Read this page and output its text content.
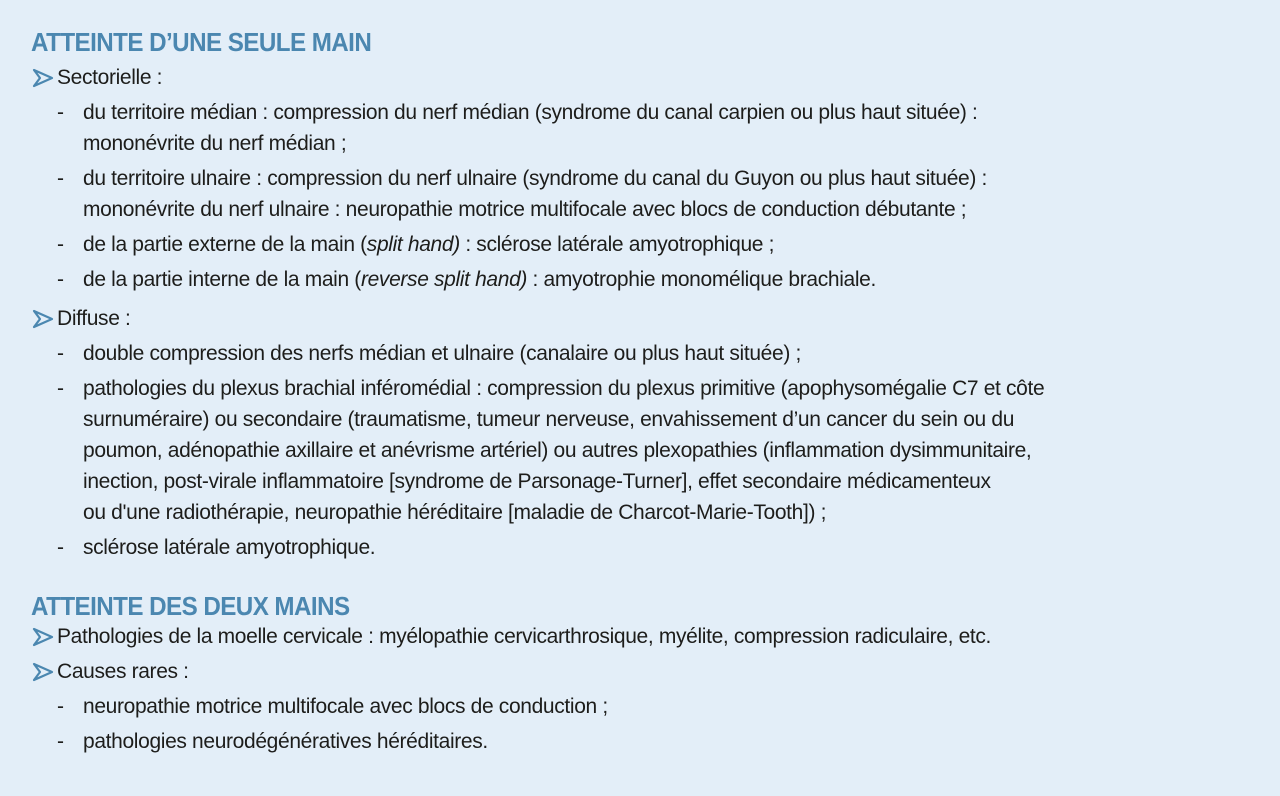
ATTEINTE D’UNE SEULE MAIN
Sectorielle :
- du territoire médian : compression du nerf médian (syndrome du canal carpien ou plus haut située) :
mononévrite du nerf médian ;
- du territoire ulnaire : compression du nerf ulnaire (syndrome du canal du Guyon ou plus haut située) :
mononévrite du nerf ulnaire : neuropathie motrice multifocale avec blocs de conduction débutante ;
- de la partie externe de la main (split hand) : sclérose latérale amyotrophique ;
- de la partie interne de la main (reverse split hand) : amyotrophie monomélique brachiale.
Diffuse :
- double compression des nerfs médian et ulnaire (canalaire ou plus haut située) ;
- pathologies du plexus brachial inféromédial : compression du plexus primitive (apophysomégalie C7 et côte
surnuméraire) ou secondaire (traumatisme, tumeur nerveuse, envahissement d’un cancer du sein ou du
poumon, adénopathie axillaire et anévrisme artériel) ou autres plexopathies (inflammation dysimmunitaire,
inection, post-virale inflammatoire [syndrome de Parsonage-Turner], effet secondaire médicamenteux
ou d'une radiothérapie, neuropathie héréditaire [maladie de Charcot-Marie-Tooth]) ;
- sclérose latérale amyotrophique.
ATTEINTE DES DEUX MAINS
Pathologies de la moelle cervicale : myélopathie cervicarthrosique, myélite, compression radiculaire, etc.
Causes rares :
- neuropathie motrice multifocale avec blocs de conduction ;
- pathologies neurodégénératives héréditaires.
